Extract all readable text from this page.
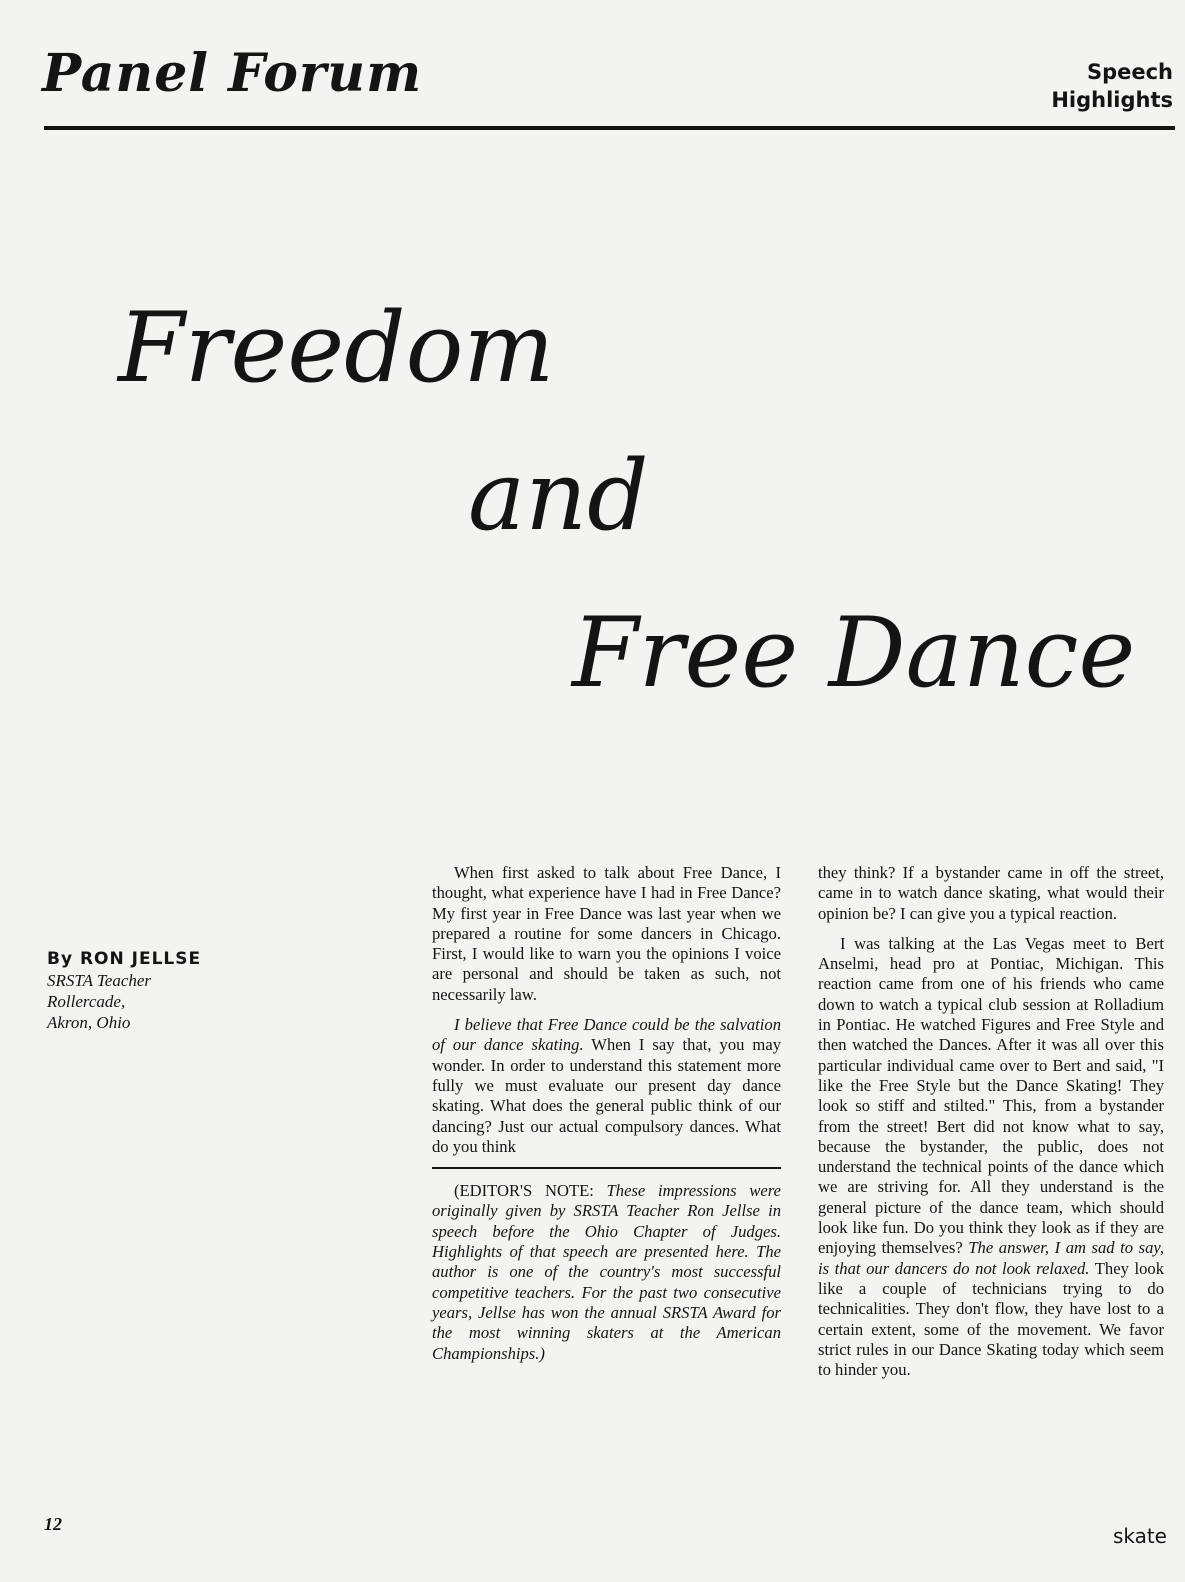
Panel Forum	Speech
Highlights
Freedom
and
Free Dance
By RON JELLSE
SRSTA Teacher
Rollercade,
Akron, Ohio

When first asked to talk about Free Dance, I thought, what experience have I had in Free Dance? My first year in Free Dance was last year when we prepared a routine for some dancers in Chicago. First, I would like to warn you the opinions I voice are personal and should be taken as such, not necessarily law.

I believe that Free Dance could be the salvation of our dance skating. When I say that, you may wonder. In order to understand this statement more fully we must evaluate our present day dance skating. What does the general public think of our dancing? Just our actual compulsory dances. What do you think

(EDITOR'S NOTE: These impressions were originally given by SRSTA Teacher Ron Jellse in speech before the Ohio Chapter of Judges. Highlights of that speech are presented here. The author is one of the country's most successful competitive teachers. For the past two consecutive years, Jellse has won the annual SRSTA Award for the most winning skaters at the American Championships.)

they think? If a bystander came in off the street, came in to watch dance skating, what would their opinion be? I can give you a typical reaction.

I was talking at the Las Vegas meet to Bert Anselmi, head pro at Pontiac, Michigan. This reaction came from one of his friends who came down to watch a typical club session at Rolladium in Pontiac. He watched Figures and Free Style and then watched the Dances. After it was all over this particular individual came over to Bert and said, "I like the Free Style but the Dance Skating! They look so stiff and stilted." This, from a bystander from the street! Bert did not know what to say, because the bystander, the public, does not understand the technical points of the dance which we are striving for. All they understand is the general picture of the dance team, which should look like fun. Do you think they look as if they are enjoying themselves? The answer, I am sad to say, is that our dancers do not look relaxed. They look like a couple of technicians trying to do technicalities. They don't flow, they have lost to a certain extent, some of the movement. We favor strict rules in our Dance Skating today which seem to hinder you.

12	skate
